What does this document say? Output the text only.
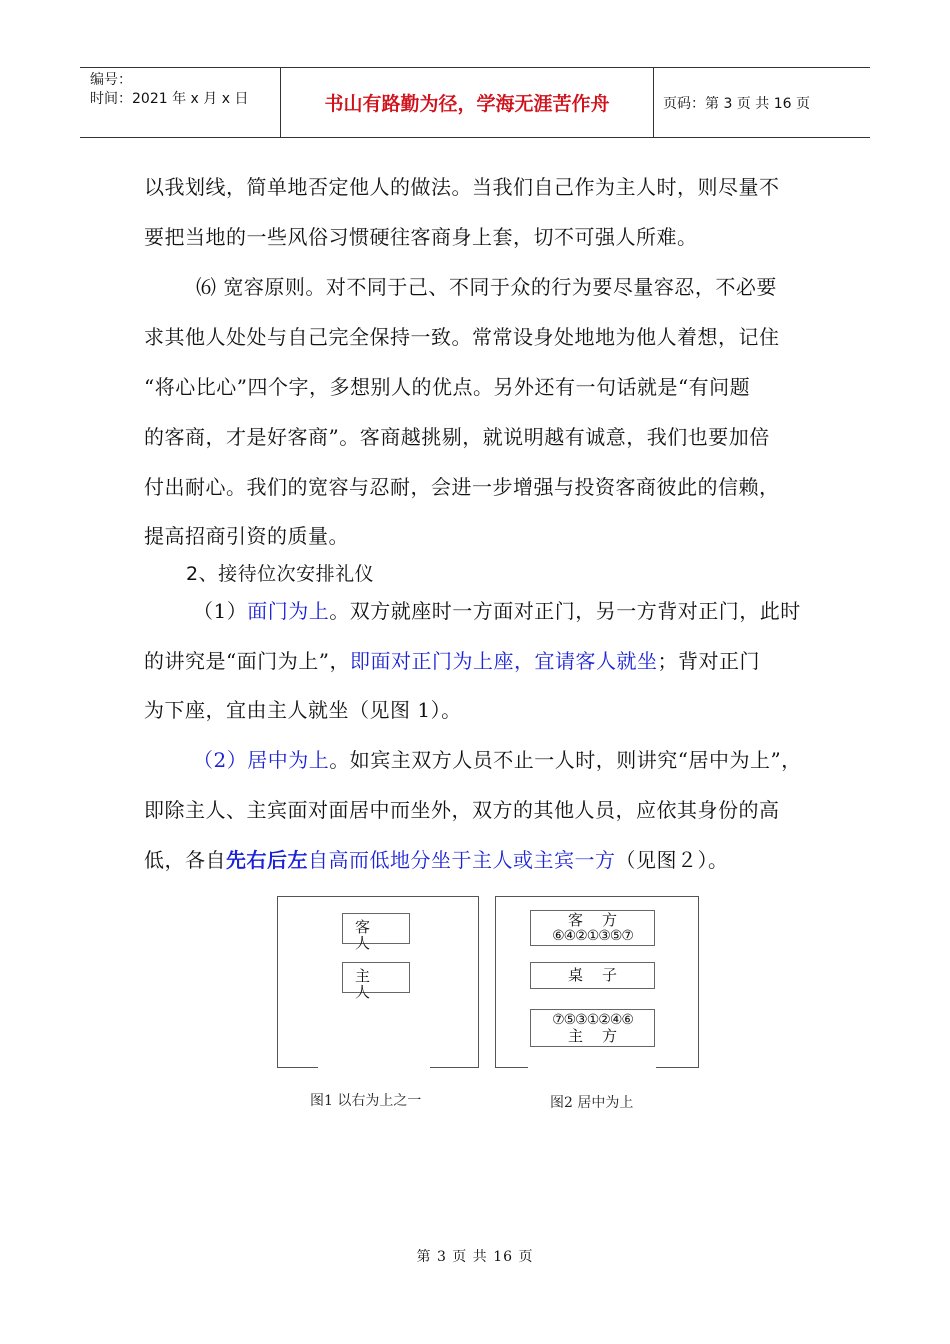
编号：
时间：2021 年 x 月 x 日	书山有路勤为径，学海无涯苦作舟	页码：第 3 页 共 16 页
以我划线，简单地否定他人的做法。当我们自己作为主人时，则尽量不
要把当地的一些风俗习惯硬往客商身上套，切不可强人所难。
⑹ 宽容原则。对不同于己、不同于众的行为要尽量容忍，不必要
求其他人处处与自己完全保持一致。常常设身处地地为他人着想，记住
“将心比心”四个字，多想别人的优点。另外还有一句话就是“有问题
的客商，才是好客商”。客商越挑剔，就说明越有诚意，我们也要加倍
付出耐心。我们的宽容与忍耐，会进一步增强与投资客商彼此的信赖，
提高招商引资的质量。
2、接待位次安排礼仪
（1）面门为上。双方就座时一方面对正门，另一方背对正门，此时
的讲究是“面门为上”，即面对正门为上座，宜请客人就坐；背对正门
为下座，宜由主人就坐（见图 1）。
（2）居中为上。如宾主双方人员不止一人时，则讲究“居中为上”，
即除主人、主宾面对面居中而坐外，双方的其他人员，应依其身份的高
低，各自先右后左自高而低地分坐于主人或主宾一方（见图２）。
客
人
主
人
图1 以右为上之一
客    方
⑥④②①③⑤⑦
桌    子
⑦⑤③①②④⑥
主    方
图2 居中为上
第 3 页 共 16 页
